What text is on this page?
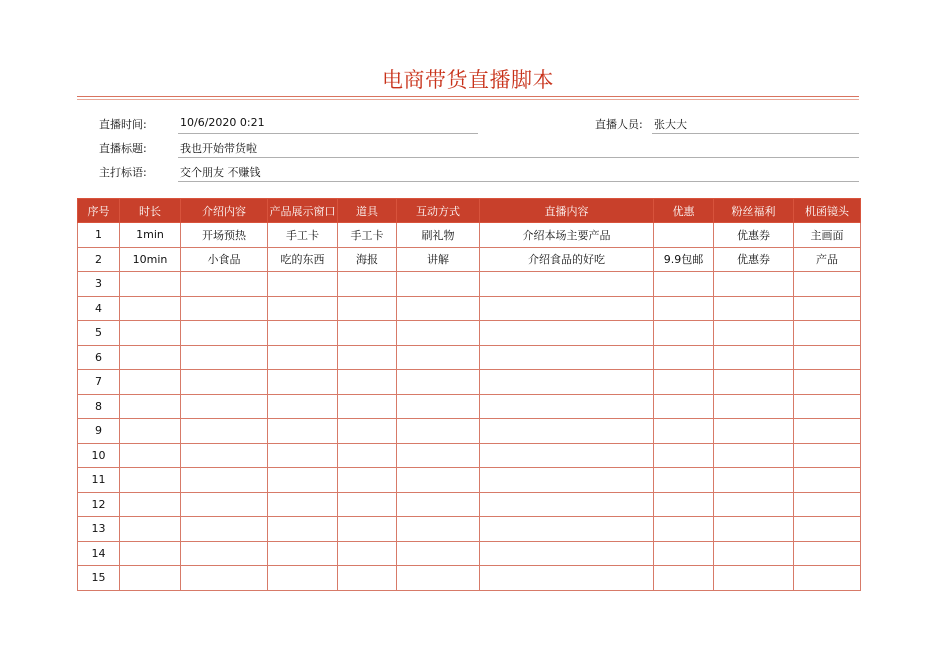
电商带货直播脚本
直播时间:	10/6/2020 0:21	直播人员: 张大大
直播标题:	我也开始带货啦
主打标语:	交个朋友 不赚钱
序号	时长	介绍内容	产品展示窗口	道具	互动方式	直播内容	优惠	粉丝福利	机函镜头
1	1min	开场预热	手工卡	手工卡	刷礼物	介绍本场主要产品		优惠券	主画面
2	10min	小食品	吃的东西	海报	讲解	介绍食品的好吃	9.9包邮	优惠券	产品
3									
4									
5									
6									
7									
8									
9									
10									
11									
12									
13									
14									
15									
